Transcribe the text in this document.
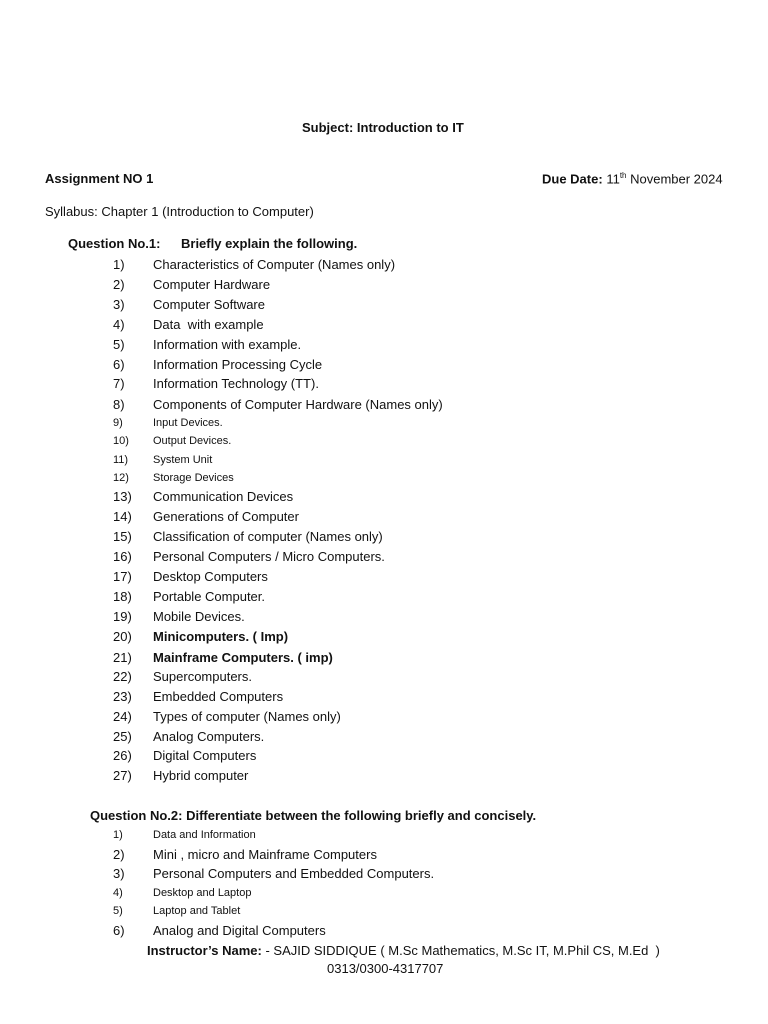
Subject: Introduction to IT
Assignment NO 1	Due Date: 11th November 2024
Syllabus: Chapter 1 (Introduction to Computer)
Question No.1: Briefly explain the following.
1) Characteristics of Computer (Names only)
2) Computer Hardware
3) Computer Software
4) Data  with example
5) Information with example.
6) Information Processing Cycle
7) Information Technology (TT).
8) Components of Computer Hardware (Names only)
9)	Input Devices.
10) Output Devices.
11) System Unit
12) Storage Devices
13) Communication Devices
14) Generations of Computer
15) Classification of computer (Names only)
16) Personal Computers / Micro Computers.
17) Desktop Computers
18) Portable Computer.
19) Mobile Devices.
20) Minicomputers. ( Imp)
21) Mainframe Computers. ( imp)
22) Supercomputers.
23) Embedded Computers
24) Types of computer (Names only)
25) Analog Computers.
26) Digital Computers
27) Hybrid computer
Question No.2: Differentiate between the following briefly and concisely.
1)	Data and Information
2) Mini , micro and Mainframe Computers
3) Personal Computers and Embedded Computers.
4)	Desktop and Laptop
5)	Laptop and Tablet
6) Analog and Digital Computers
Instructor’s Name: - SAJID SIDDIQUE ( M.Sc Mathematics, M.Sc IT, M.Phil CS, M.Ed  )
0313/0300-4317707
